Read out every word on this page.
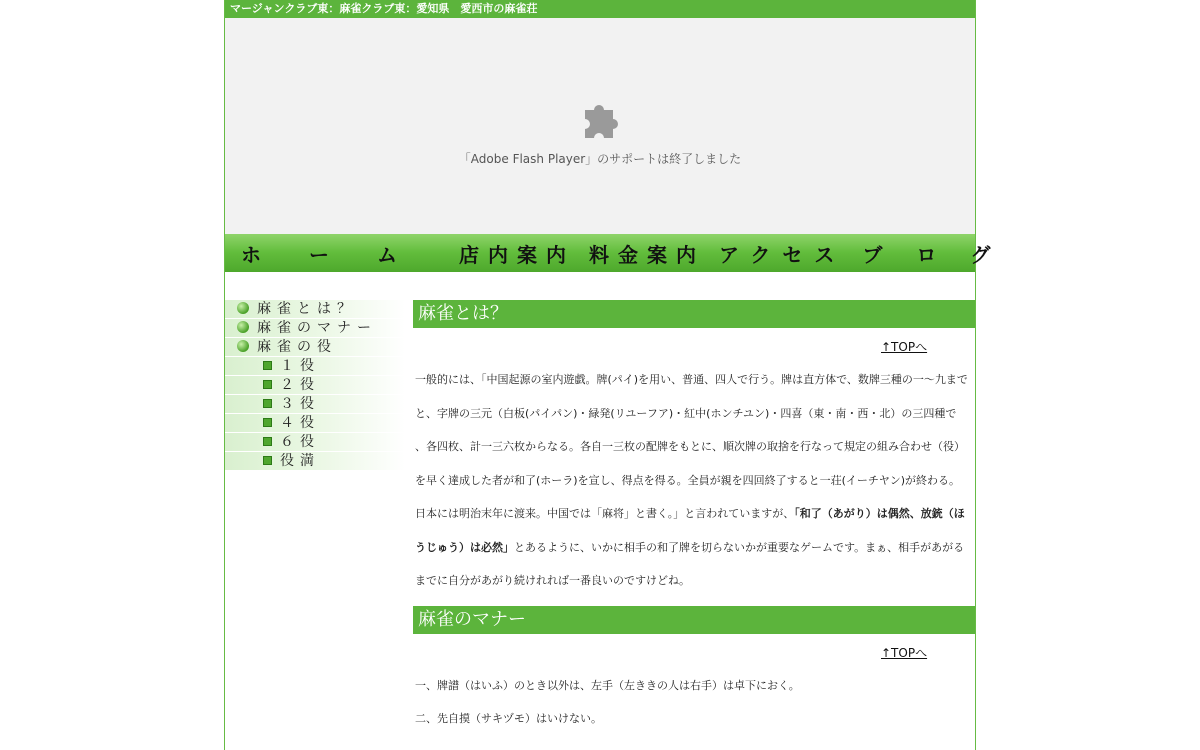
マージャンクラブ東：麻雀クラブ東：愛知県　愛西市の麻雀荘
「Adobe Flash Player」のサポートは終了しました
ホーム 店内案内 料金案内 アクセス ブログ
麻雀とは？
麻雀のマナー
麻雀の役
１役
２役
３役
４役
６役
役満
麻雀とは？
↑TOPへ
一般的には、「中国起源の室内遊戯。牌(パイ)を用い、普通、四人で行う。牌は直方体で、数牌三種の一～九まで
と、字牌の三元（白板(パイパン)・緑発(リユーフア)・紅中(ホンチユン)・四喜（東・南・西・北）の三四種で
、各四枚、計一三六枚からなる。各自一三枚の配牌をもとに、順次牌の取捨を行なって規定の組み合わせ（役）
を早く達成した者が和了(ホーラ)を宣し、得点を得る。全員が親を四回終了すると一荘(イーチヤン)が終わる。
日本には明治末年に渡来。中国では「麻将」と書く。」と言われていますが、「和了（あがり）は偶然、放銃（ほうじゅう）は必然」とあるように、いかに相手の和了牌を切らないかが重要なゲームです。まぁ、相手があがるまでに自分があがり続けれれば一番良いのですけどね。
麻雀のマナー
↑TOPへ
一、牌譜（はいふ）のとき以外は、左手（左ききの人は右手）は卓下におく。
二、先自摸（サキヅモ）はいけない。
